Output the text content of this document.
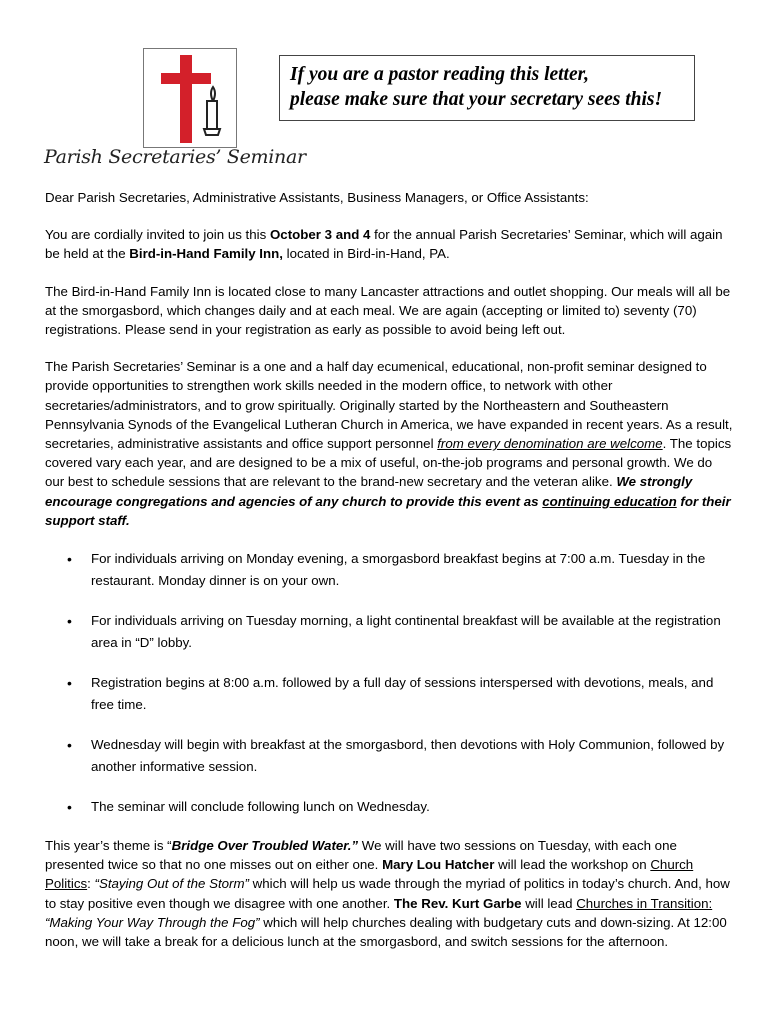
Parish Secretaries’ Seminar
If you are a pastor reading this letter,
please make sure that your secretary sees this!

Dear Parish Secretaries, Administrative Assistants, Business Managers, or Office Assistants:

You are cordially invited to join us this October 3 and 4 for the annual Parish Secretaries’ Seminar, which will again be held at the Bird-in-Hand Family Inn, located in Bird-in-Hand, PA.

The Bird-in-Hand Family Inn is located close to many Lancaster attractions and outlet shopping. Our meals will all be at the smorgasbord, which changes daily and at each meal. We are again (accepting or limited to) seventy (70) registrations. Please send in your registration as early as possible to avoid being left out.

The Parish Secretaries’ Seminar is a one and a half day ecumenical, educational, non-profit seminar designed to provide opportunities to strengthen work skills needed in the modern office, to network with other secretaries/administrators, and to grow spiritually. Originally started by the Northeastern and Southeastern Pennsylvania Synods of the Evangelical Lutheran Church in America, we have expanded in recent years. As a result, secretaries, administrative assistants and office support personnel from every denomination are welcome. The topics covered vary each year, and are designed to be a mix of useful, on-the-job programs and personal growth. We do our best to schedule sessions that are relevant to the brand-new secretary and the veteran alike. We strongly encourage congregations and agencies of any church to provide this event as continuing education for their support staff.

• For individuals arriving on Monday evening, a smorgasbord breakfast begins at 7:00 a.m. Tuesday in the restaurant. Monday dinner is on your own.
• For individuals arriving on Tuesday morning, a light continental breakfast will be available at the registration area in “D” lobby.
• Registration begins at 8:00 a.m. followed by a full day of sessions interspersed with devotions, meals, and free time.
• Wednesday will begin with breakfast at the smorgasbord, then devotions with Holy Communion, followed by another informative session.
• The seminar will conclude following lunch on Wednesday.

This year’s theme is “Bridge Over Troubled Water.” We will have two sessions on Tuesday, with each one presented twice so that no one misses out on either one. Mary Lou Hatcher will lead the workshop on Church Politics: “Staying Out of the Storm” which will help us wade through the myriad of politics in today’s church. And, how to stay positive even though we disagree with one another. The Rev. Kurt Garbe will lead Churches in Transition: “Making Your Way Through the Fog” which will help churches dealing with budgetary cuts and down-sizing. At 12:00 noon, we will take a break for a delicious lunch at the smorgasbord, and switch sessions for the afternoon.
